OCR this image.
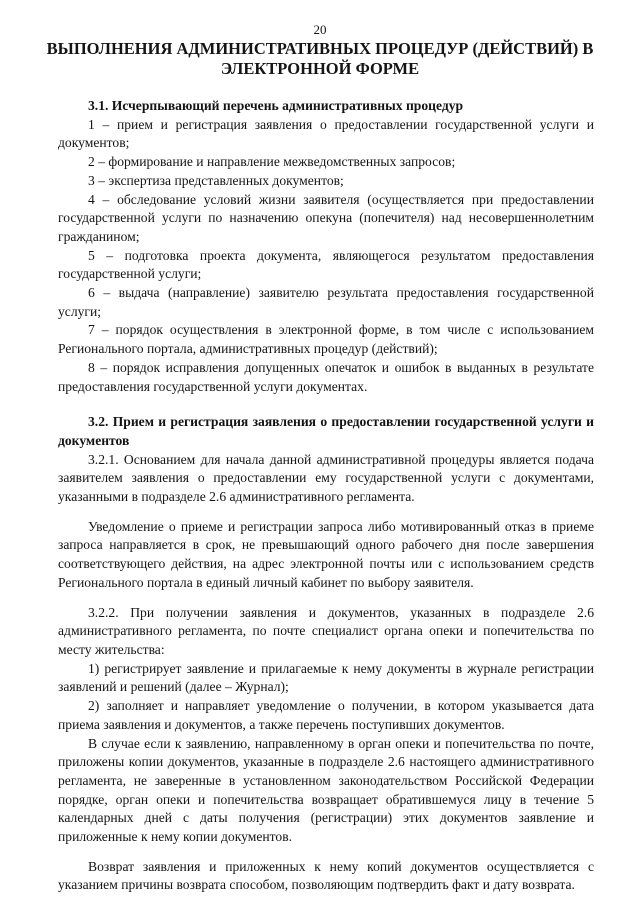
20
ВЫПОЛНЕНИЯ АДМИНИСТРАТИВНЫХ ПРОЦЕДУР (ДЕЙСТВИЙ) В
ЭЛЕКТРОННОЙ ФОРМЕ

3.1. Исчерпывающий перечень административных процедур

1 – прием и регистрация заявления о предоставлении государственной услуги и документов;

2 – формирование и направление межведомственных запросов;

3 – экспертиза представленных документов;

4 – обследование условий жизни заявителя (осуществляется при предоставлении государственной услуги по назначению опекуна (попечителя) над несовершеннолетним гражданином;

5 – подготовка проекта документа, являющегося результатом предоставления государственной услуги;

6 – выдача (направление) заявителю результата предоставления государственной услуги;

7 – порядок осуществления в электронной форме, в том числе с использованием Регионального портала, административных процедур (действий);

8 – порядок исправления допущенных опечаток и ошибок в выданных в результате предоставления государственной услуги документах.

3.2. Прием и регистрация заявления о предоставлении государственной услуги и документов

3.2.1. Основанием для начала данной административной процедуры является подача заявителем заявления о предоставлении ему государственной услуги с документами, указанными в подразделе 2.6 административного регламента.

Уведомление о приеме и регистрации запроса либо мотивированный отказ в приеме запроса направляется в срок, не превышающий одного рабочего дня после завершения соответствующего действия, на адрес электронной почты или с использованием средств Регионального портала в единый личный кабинет по выбору заявителя.

3.2.2. При получении заявления и документов, указанных в подразделе 2.6 административного регламента, по почте специалист органа опеки и попечительства по месту жительства:

1) регистрирует заявление и прилагаемые к нему документы в журнале регистрации заявлений и решений (далее – Журнал);

2) заполняет и направляет уведомление о получении, в котором указывается дата приема заявления и документов, а также перечень поступивших документов.

В случае если к заявлению, направленному в орган опеки и попечительства по почте, приложены копии документов, указанные в подразделе 2.6 настоящего административного регламента, не заверенные в установленном законодательством Российской Федерации порядке, орган опеки и попечительства возвращает обратившемуся лицу в течение 5 календарных дней с даты получения (регистрации) этих документов заявление и приложенные к нему копии документов.

Возврат заявления и приложенных к нему копий документов осуществляется с указанием причины возврата способом, позволяющим подтвердить факт и дату возврата.
